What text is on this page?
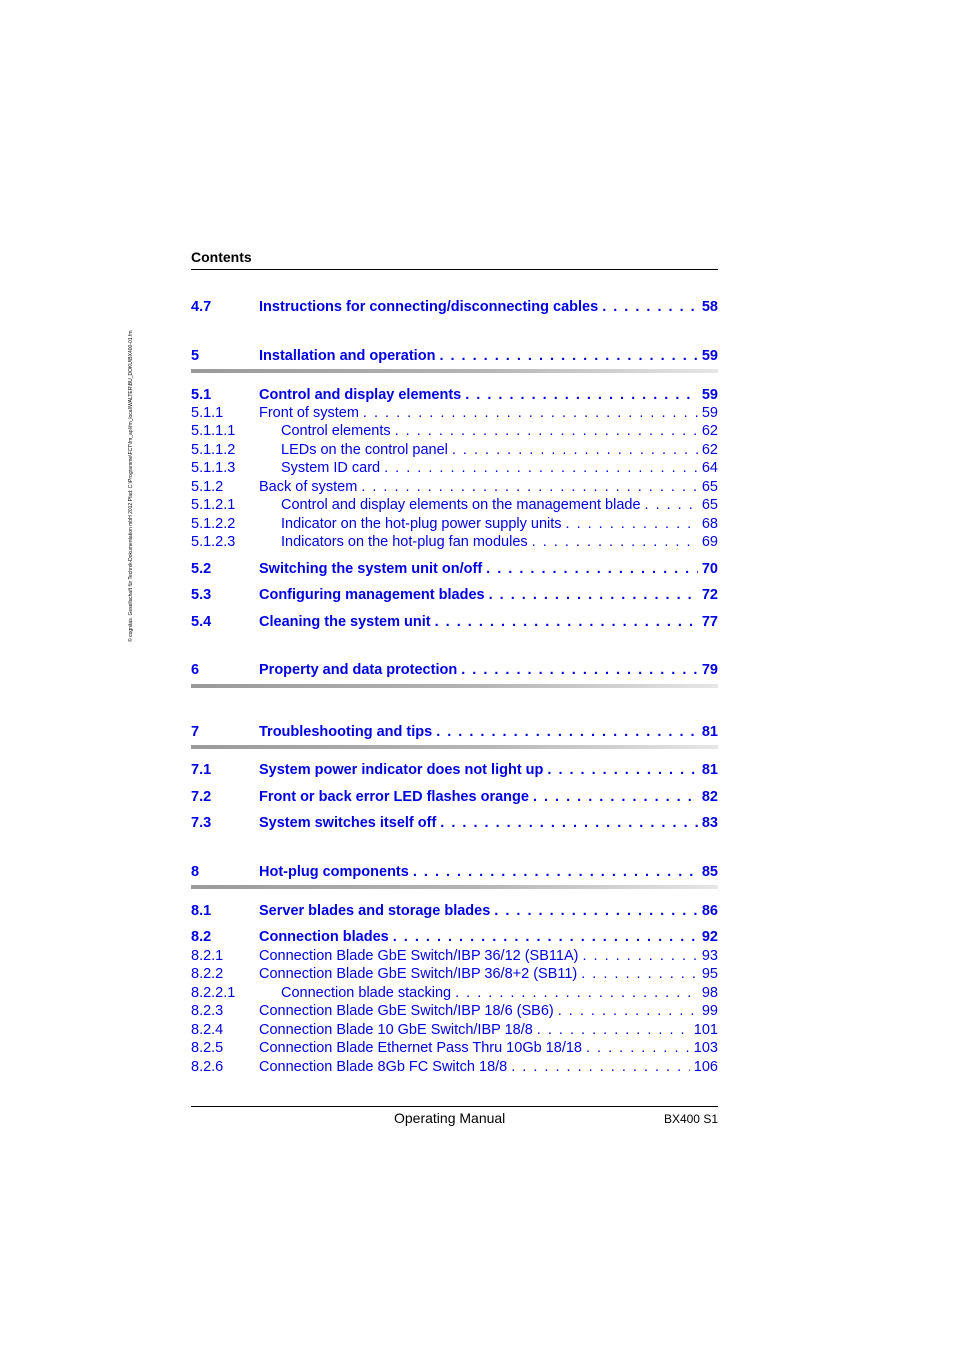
© cognitas. Gesellschaft für Technik-Dokumentation mbH 2012 Pfad: C:\Programme\FCT\fm_api\fm_local\WALTER\BU_DOKU\BX400-01.fm
Contents
4.7	Instructions for connecting/disconnecting cables . . .	58
5	Installation and operation . . .	59
5.1	Control and display elements . . .	59
5.1.1	Front of system . . .	59
5.1.1.1	Control elements . . .	62
5.1.1.2	LEDs on the control panel . . .	62
5.1.1.3	System ID card . . .	64
5.1.2	Back of system . . .	65
5.1.2.1	Control and display elements on the management blade . . .	65
5.1.2.2	Indicator on the hot-plug power supply units . . .	68
5.1.2.3	Indicators on the hot-plug fan modules . . .	69
5.2	Switching the system unit on/off . . .	70
5.3	Configuring management blades . . .	72
5.4	Cleaning the system unit . . .	77
6	Property and data protection . . .	79
7	Troubleshooting and tips . . .	81
7.1	System power indicator does not light up . . .	81
7.2	Front or back error LED flashes orange . . .	82
7.3	System switches itself off . . .	83
8	Hot-plug components . . .	85
8.1	Server blades and storage blades . . .	86
8.2	Connection blades . . .	92
8.2.1	Connection Blade GbE Switch/IBP 36/12 (SB11A) . . .	93
8.2.2	Connection Blade GbE Switch/IBP 36/8+2 (SB11) . . .	95
8.2.2.1	Connection blade stacking . . .	98
8.2.3	Connection Blade GbE Switch/IBP 18/6 (SB6) . . .	99
8.2.4	Connection Blade 10 GbE Switch/IBP 18/8 . . .	101
8.2.5	Connection Blade Ethernet Pass Thru 10Gb 18/18 . . .	103
8.2.6	Connection Blade 8Gb FC Switch 18/8 . . .	106
Operating Manual	BX400 S1
